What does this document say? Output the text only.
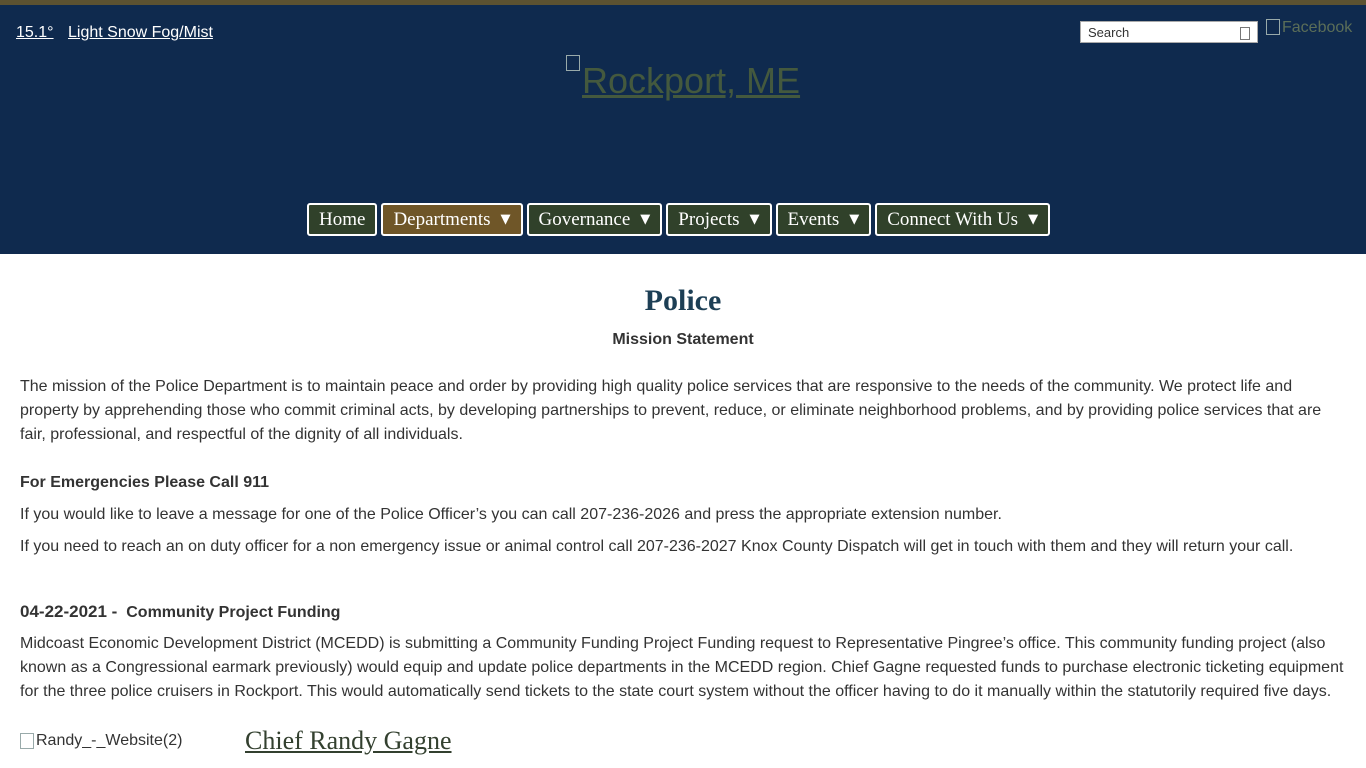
15.1° Light Snow Fog/Mist
Search	Facebook
Rockport, ME
Home Departments ▼ Governance ▼ Projects ▼ Events ▼ Connect With Us ▼
Police
Mission Statement

The mission of the Police Department is to maintain peace and order by providing high quality police services that are responsive to the needs of the community. We protect life and property by apprehending those who commit criminal acts, by developing partnerships to prevent, reduce, or eliminate neighborhood problems, and by providing police services that are fair, professional, and respectful of the dignity of all individuals.

For Emergencies Please Call 911

If you would like to leave a message for one of the Police Officer’s you can call 207-236-2026 and press the appropriate extension number.

If you need to reach an on duty officer for a non emergency issue or animal control call 207-236-2027 Knox County Dispatch will get in touch with them and they will return your call.

04-22-2021 - Community Project Funding

Midcoast Economic Development District (MCEDD) is submitting a Community Funding Project Funding request to Representative Pingree’s office. This community funding project (also known as a Congressional earmark previously) would equip and update police departments in the MCEDD region. Chief Gagne requested funds to purchase electronic ticketing equipment for the three police cruisers in Rockport. This would automatically send tickets to the state court system without the officer having to do it manually within the statutorily required five days.

Randy_-_Website(2) Chief Randy Gagne
